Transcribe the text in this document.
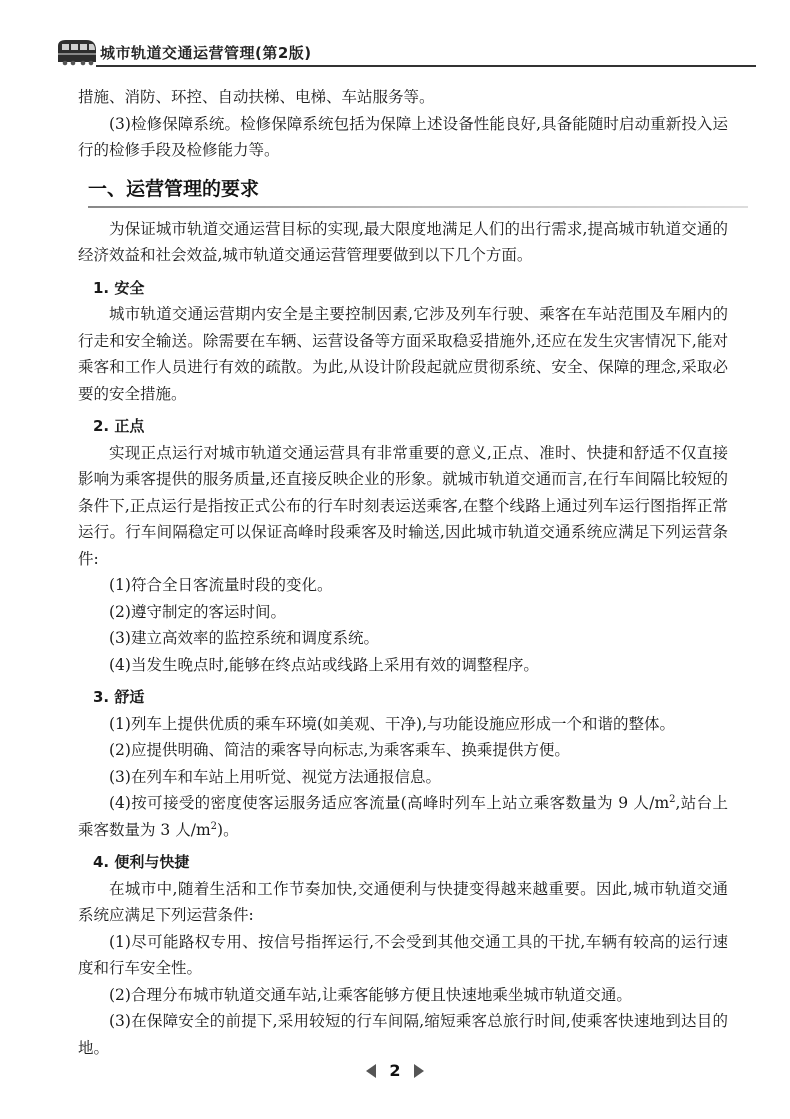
城市轨道交通运营管理(第2版)

措施、消防、环控、自动扶梯、电梯、车站服务等。

(3)检修保障系统。检修保障系统包括为保障上述设备性能良好,具备能随时启动重新投入运行的检修手段及检修能力等。

一、运营管理的要求

为保证城市轨道交通运营目标的实现,最大限度地满足人们的出行需求,提高城市轨道交通的经济效益和社会效益,城市轨道交通运营管理要做到以下几个方面。

1. 安全

城市轨道交通运营期内安全是主要控制因素,它涉及列车行驶、乘客在车站范围及车厢内的行走和安全输送。除需要在车辆、运营设备等方面采取稳妥措施外,还应在发生灾害情况下,能对乘客和工作人员进行有效的疏散。为此,从设计阶段起就应贯彻系统、安全、保障的理念,采取必要的安全措施。

2. 正点

实现正点运行对城市轨道交通运营具有非常重要的意义,正点、准时、快捷和舒适不仅直接影响为乘客提供的服务质量,还直接反映企业的形象。就城市轨道交通而言,在行车间隔比较短的条件下,正点运行是指按正式公布的行车时刻表运送乘客,在整个线路上通过列车运行图指挥正常运行。行车间隔稳定可以保证高峰时段乘客及时输送,因此城市轨道交通系统应满足下列运营条件:

(1)符合全日客流量时段的变化。

(2)遵守制定的客运时间。

(3)建立高效率的监控系统和调度系统。

(4)当发生晚点时,能够在终点站或线路上采用有效的调整程序。

3. 舒适

(1)列车上提供优质的乘车环境(如美观、干净),与功能设施应形成一个和谐的整体。

(2)应提供明确、简洁的乘客导向标志,为乘客乘车、换乘提供方便。

(3)在列车和车站上用听觉、视觉方法通报信息。

(4)按可接受的密度使客运服务适应客流量(高峰时列车上站立乘客数量为 9 人$/m^2$,站台上乘客数量为 3 人$/m^2$)。

4. 便利与快捷

在城市中,随着生活和工作节奏加快,交通便利与快捷变得越来越重要。因此,城市轨道交通系统应满足下列运营条件:

(1)尽可能路权专用、按信号指挥运行,不会受到其他交通工具的干扰,车辆有较高的运行速度和行车安全性。

(2)合理分布城市轨道交通车站,让乘客能够方便且快速地乘坐城市轨道交通。

(3)在保障安全的前提下,采用较短的行车间隔,缩短乘客总旅行时间,使乘客快速地到达目的地。

2
